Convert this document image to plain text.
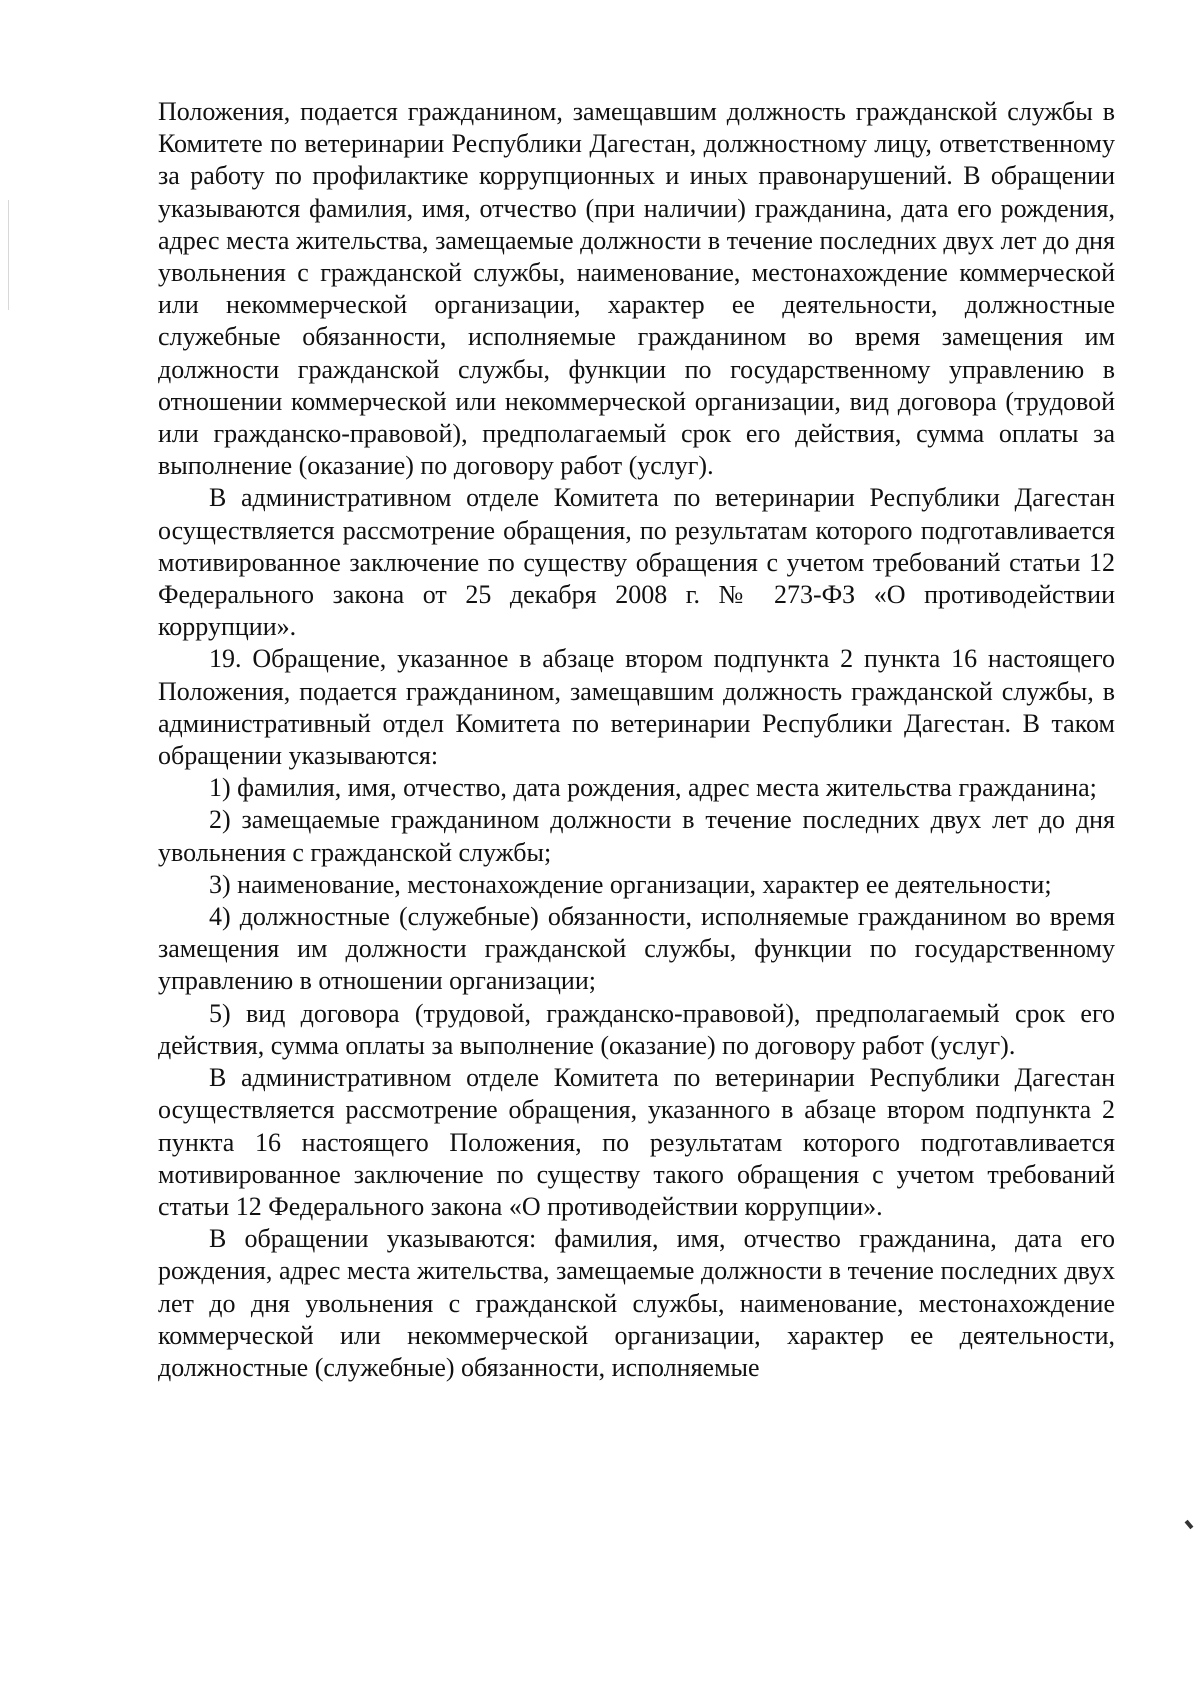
Положения, подается гражданином, замещавшим должность гражданской службы в Комитете по ветеринарии Республики Дагестан, должностному лицу, ответственному за работу по профилактике коррупционных и иных правонарушений. В обращении указываются фамилия, имя, отчество (при наличии) гражданина, дата его рождения, адрес места жительства, замещаемые должности в течение последних двух лет до дня увольнения с гражданской службы, наименование, местонахождение коммерческой или некоммерческой организации, характер ее деятельности, должностные служебные обязанности, исполняемые гражданином во время замещения им должности гражданской службы, функции по государственному управлению в отношении коммерческой или некоммерческой организации, вид договора (трудовой или гражданско-правовой), предполагаемый срок его действия, сумма оплаты за выполнение (оказание) по договору работ (услуг).

В административном отделе Комитета по ветеринарии Республики Дагестан осуществляется рассмотрение обращения, по результатам которого подготавливается мотивированное заключение по существу обращения с учетом требований статьи 12 Федерального закона от 25 декабря 2008 г. № 273-ФЗ «О противодействии коррупции».

19. Обращение, указанное в абзаце втором подпункта 2 пункта 16 настоящего Положения, подается гражданином, замещавшим должность гражданской службы, в административный отдел Комитета по ветеринарии Республики Дагестан. В таком обращении указываются:

1) фамилия, имя, отчество, дата рождения, адрес места жительства гражданина;

2) замещаемые гражданином должности в течение последних двух лет до дня увольнения с гражданской службы;

3) наименование, местонахождение организации, характер ее деятельности;

4) должностные (служебные) обязанности, исполняемые гражданином во время замещения им должности гражданской службы, функции по государственному управлению в отношении организации;

5) вид договора (трудовой, гражданско-правовой), предполагаемый срок его действия, сумма оплаты за выполнение (оказание) по договору работ (услуг).

В административном отделе Комитета по ветеринарии Республики Дагестан осуществляется рассмотрение обращения, указанного в абзаце втором подпункта 2 пункта 16 настоящего Положения, по результатам которого подготавливается мотивированное заключение по существу такого обращения с учетом требований статьи 12 Федерального закона «О противодействии коррупции».

В обращении указываются: фамилия, имя, отчество гражданина, дата его рождения, адрес места жительства, замещаемые должности в течение последних двух лет до дня увольнения с гражданской службы, наименование, местонахождение коммерческой или некоммерческой организации, характер ее деятельности, должностные (служебные) обязанности, исполняемые
